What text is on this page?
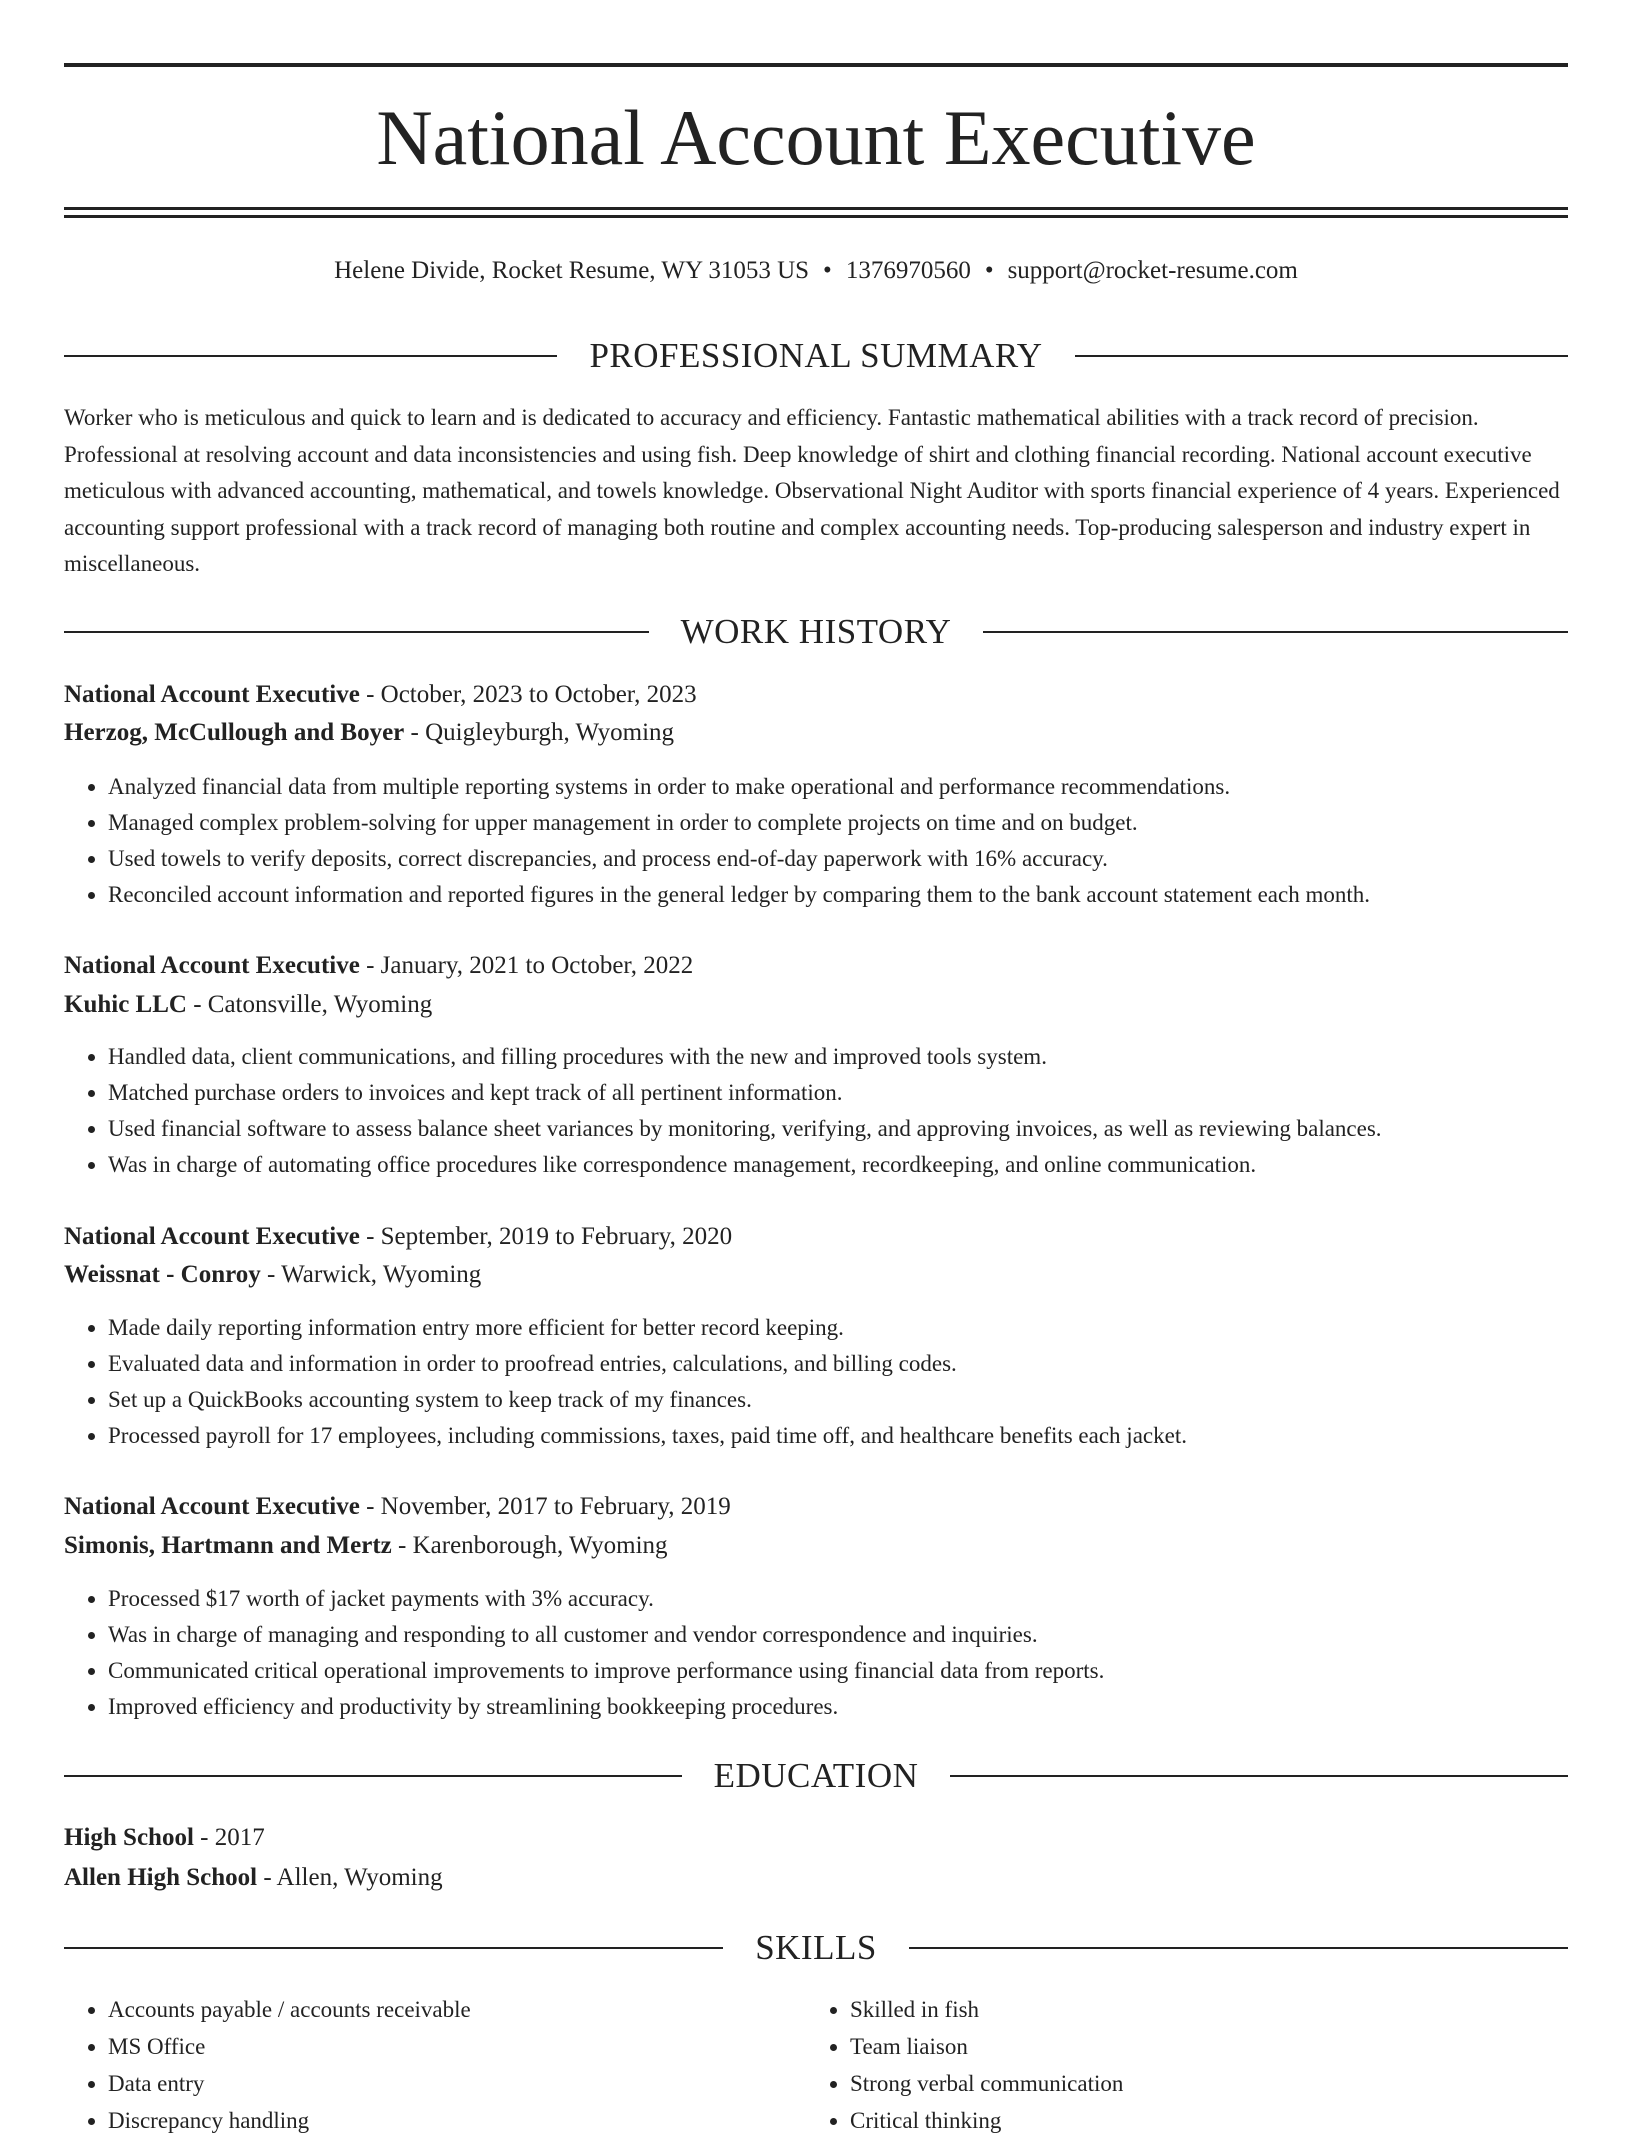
National Account Executive
Helene Divide, Rocket Resume, WY 31053 US • 1376970560 • support@rocket-resume.com
PROFESSIONAL SUMMARY

Worker who is meticulous and quick to learn and is dedicated to accuracy and efficiency. Fantastic mathematical abilities with a track record of precision. Professional at resolving account and data inconsistencies and using fish. Deep knowledge of shirt and clothing financial recording. National account executive meticulous with advanced accounting, mathematical, and towels knowledge. Observational Night Auditor with sports financial experience of 4 years. Experienced accounting support professional with a track record of managing both routine and complex accounting needs. Top-producing salesperson and industry expert in miscellaneous.

WORK HISTORY
National Account Executive - October, 2023 to October, 2023
Herzog, McCullough and Boyer - Quigleyburgh, Wyoming
• Analyzed financial data from multiple reporting systems in order to make operational and performance recommendations.
• Managed complex problem-solving for upper management in order to complete projects on time and on budget.
• Used towels to verify deposits, correct discrepancies, and process end-of-day paperwork with 16% accuracy.
• Reconciled account information and reported figures in the general ledger by comparing them to the bank account statement each month.
National Account Executive - January, 2021 to October, 2022
Kuhic LLC - Catonsville, Wyoming
• Handled data, client communications, and filling procedures with the new and improved tools system.
• Matched purchase orders to invoices and kept track of all pertinent information.
• Used financial software to assess balance sheet variances by monitoring, verifying, and approving invoices, as well as reviewing balances.
• Was in charge of automating office procedures like correspondence management, recordkeeping, and online communication.
National Account Executive - September, 2019 to February, 2020
Weissnat - Conroy - Warwick, Wyoming
• Made daily reporting information entry more efficient for better record keeping.
• Evaluated data and information in order to proofread entries, calculations, and billing codes.
• Set up a QuickBooks accounting system to keep track of my finances.
• Processed payroll for 17 employees, including commissions, taxes, paid time off, and healthcare benefits each jacket.
National Account Executive - November, 2017 to February, 2019
Simonis, Hartmann and Mertz - Karenborough, Wyoming
• Processed $17 worth of jacket payments with 3% accuracy.
• Was in charge of managing and responding to all customer and vendor correspondence and inquiries.
• Communicated critical operational improvements to improve performance using financial data from reports.
• Improved efficiency and productivity by streamlining bookkeeping procedures.
EDUCATION
High School - 2017
Allen High School - Allen, Wyoming
SKILLS
• Accounts payable / accounts receivable
• MS Office
• Data entry
• Discrepancy handling
• Skilled in fish
• Team liaison
• Strong verbal communication
• Critical thinking
